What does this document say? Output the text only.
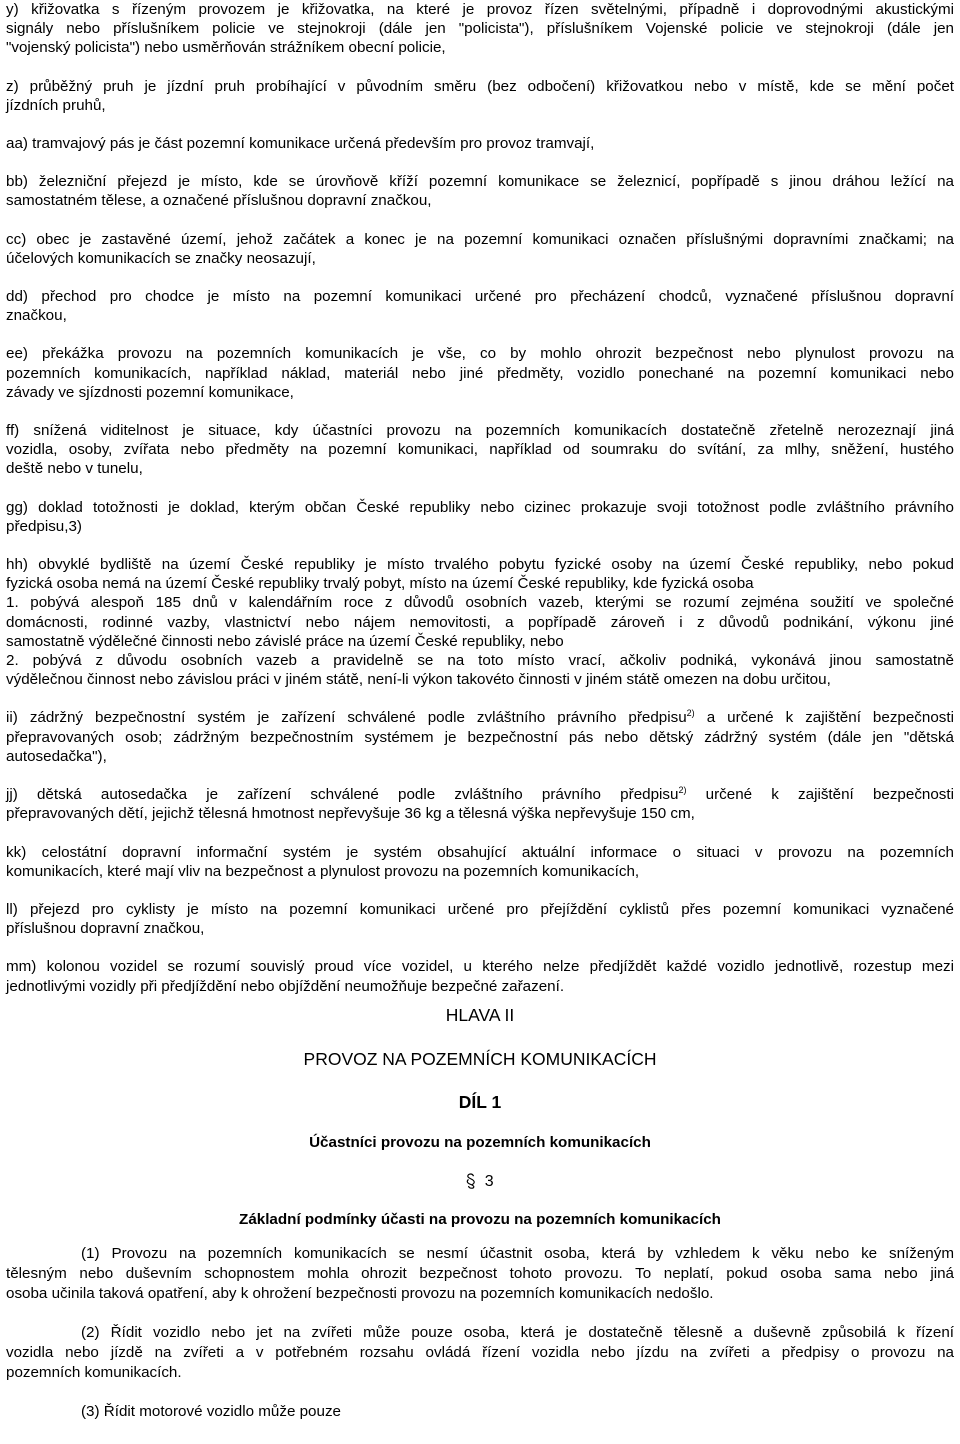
y) křižovatka s řízeným provozem je křižovatka, na které je provoz řízen světelnými, případně i doprovodnými akustickými
signály nebo příslušníkem policie ve stejnokroji (dále jen "policista"), příslušníkem Vojenské policie ve stejnokroji (dále jen
"vojenský policista") nebo usměrňován strážníkem obecní policie,

z) průběžný pruh je jízdní pruh probíhající v původním směru (bez odbočení) křižovatkou nebo v místě, kde se mění počet
jízdních pruhů,

aa) tramvajový pás je část pozemní komunikace určená především pro provoz tramvají,

bb) železniční přejezd je místo, kde se úrovňově kříží pozemní komunikace se železnicí, popřípadě s jinou dráhou ležící na
samostatném tělese, a označené příslušnou dopravní značkou,

cc) obec je zastavěné území, jehož začátek a konec je na pozemní komunikaci označen příslušnými dopravními značkami; na
účelových komunikacích se značky neosazují,

dd) přechod pro chodce je místo na pozemní komunikaci určené pro přecházení chodců, vyznačené příslušnou dopravní
značkou,

ee) překážka provozu na pozemních komunikacích je vše, co by mohlo ohrozit bezpečnost nebo plynulost provozu na
pozemních komunikacích, například náklad, materiál nebo jiné předměty, vozidlo ponechané na pozemní komunikaci nebo
závady ve sjízdnosti pozemní komunikace,

ff) snížená viditelnost je situace, kdy účastníci provozu na pozemních komunikacích dostatečně zřetelně nerozeznají jiná
vozidla, osoby, zvířata nebo předměty na pozemní komunikaci, například od soumraku do svítání, za mlhy, sněžení, hustého
deště nebo v tunelu,

gg) doklad totožnosti je doklad, kterým občan České republiky nebo cizinec prokazuje svoji totožnost podle zvláštního právního
předpisu,3)

hh) obvyklé bydliště na území České republiky je místo trvalého pobytu fyzické osoby na území České republiky, nebo pokud
fyzická osoba nemá na území České republiky trvalý pobyt, místo na území České republiky, kde fyzická osoba
1. pobývá alespoň 185 dnů v kalendářním roce z důvodů osobních vazeb, kterými se rozumí zejména soužití ve společné
domácnosti, rodinné vazby, vlastnictví nebo nájem nemovitosti, a popřípadě zároveň i z důvodů podnikání, výkonu jiné
samostatně výdělečné činnosti nebo závislé práce na území České republiky, nebo
2. pobývá z důvodu osobních vazeb a pravidelně se na toto místo vrací, ačkoliv podniká, vykonává jinou samostatně
výdělečnou činnost nebo závislou práci v jiném státě, není-li výkon takovéto činnosti v jiném státě omezen na dobu určitou,

ii) zádržný bezpečnostní systém je zařízení schválené podle zvláštního právního předpisu$^{2)}$ a určené k zajištění bezpečnosti
přepravovaných osob; zádržným bezpečnostním systémem je bezpečnostní pás nebo dětský zádržný systém (dále jen "dětská
autosedačka"),

jj) dětská autosedačka je zařízení schválené podle zvláštního právního předpisu$^{2)}$ určené k zajištění bezpečnosti
přepravovaných dětí, jejichž tělesná hmotnost nepřevyšuje 36 kg a tělesná výška nepřevyšuje 150 cm,

kk) celostátní dopravní informační systém je systém obsahující aktuální informace o situaci v provozu na pozemních
komunikacích, které mají vliv na bezpečnost a plynulost provozu na pozemních komunikacích,

ll) přejezd pro cyklisty je místo na pozemní komunikaci určené pro přejíždění cyklistů přes pozemní komunikaci vyznačené
příslušnou dopravní značkou,

mm) kolonou vozidel se rozumí souvislý proud více vozidel, u kterého nelze předjíždět každé vozidlo jednotlivě, rozestup mezi
jednotlivými vozidly při předjíždění nebo objíždění neumožňuje bezpečné zařazení.

HLAVA II

PROVOZ NA POZEMNÍCH KOMUNIKACÍCH

DÍL 1

Účastníci provozu na pozemních komunikacích

3

Základní podmínky účasti na provozu na pozemních komunikacích

(1) Provozu na pozemních komunikacích se nesmí účastnit osoba, která by vzhledem k věku nebo ke sníženým
tělesným nebo duševním schopnostem mohla ohrozit bezpečnost tohoto provozu. To neplatí, pokud osoba sama nebo jiná
osoba učinila taková opatření, aby k ohrožení bezpečnosti provozu na pozemních komunikacích nedošlo.

(2) Řídit vozidlo nebo jet na zvířeti může pouze osoba, která je dostatečně tělesně a duševně způsobilá k řízení
vozidla nebo jízdě na zvířeti a v potřebném rozsahu ovládá řízení vozidla nebo jízdu na zvířeti a předpisy o provozu na
pozemních komunikacích.

(3) Řídit motorové vozidlo může pouze
